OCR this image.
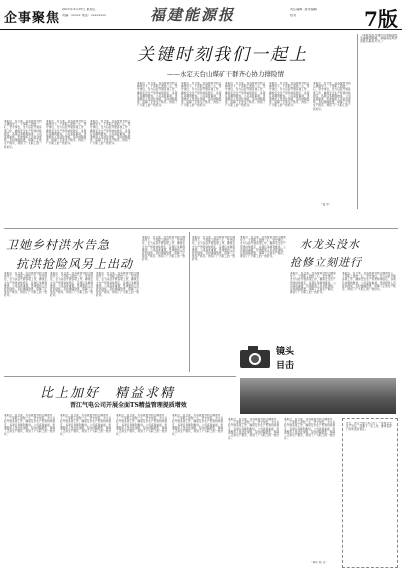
企事聚焦
2011年4月15日 星期五
责编：xxxxx 电话：xxxxxxxx	福建能源报	责任编辑 ·美术编辑
校对	7版
本报讯　连日来，在各级领导的正确领导下，干部职工团结一心，坚守岗位，全力以赴开展各项工作，确保安全生产形势持续稳定，各项任务顺利推进。公司高度重视，迅速组织人员赶赴现场，及时排除隐患，保障了正常生产秩序，得到了广大职工的一致好评。
本报讯　连日来，在各级领导的正确领导下，干部职工团结一心，坚守岗位，全力以赴开展各项工作，确保安全生产形势持续稳定，各项任务顺利推进。公司高度重视，迅速组织人员赶赴现场，及时排除隐患，保障了正常生产秩序，得到了广大职工的一致好评。
本报讯　连日来，在各级领导的正确领导下，干部职工团结一心，坚守岗位，全力以赴开展各项工作，确保安全生产形势持续稳定，各项任务顺利推进。公司高度重视，迅速组织人员赶赴现场，及时排除隐患，保障了正常生产秩序，得到了广大职工的一致好评。
关键时刻我们一起上
——永定天台山煤矿干群齐心协力排险情
本报讯　连日来，在各级领导的正确领导下，干部职工团结一心，坚守岗位，全力以赴开展各项工作，确保安全生产形势持续稳定，各项任务顺利推进。公司高度重视，迅速组织人员赶赴现场，及时排除隐患，保障了正常生产秩序，得到了广大职工的一致好评。
本报讯　连日来，在各级领导的正确领导下，干部职工团结一心，坚守岗位，全力以赴开展各项工作，确保安全生产形势持续稳定，各项任务顺利推进。公司高度重视，迅速组织人员赶赴现场，及时排除隐患，保障了正常生产秩序，得到了广大职工的一致好评。
本报讯　连日来，在各级领导的正确领导下，干部职工团结一心，坚守岗位，全力以赴开展各项工作，确保安全生产形势持续稳定，各项任务顺利推进。公司高度重视，迅速组织人员赶赴现场，及时排除隐患，保障了正常生产秩序，得到了广大职工的一致好评。
本报讯　连日来，在各级领导的正确领导下，干部职工团结一心，坚守岗位，全力以赴开展各项工作，确保安全生产形势持续稳定，各项任务顺利推进。公司高度重视，迅速组织人员赶赴现场，及时排除隐患，保障了正常生产秩序，得到了广大职工的一致好评。
本报讯　连日来，在各级领导的正确领导下，干部职工团结一心，坚守岗位，全力以赴开展各项工作，确保安全生产形势持续稳定，各项任务顺利推进。公司高度重视，迅速组织人员赶赴现场，及时排除隐患，保障了正常生产秩序，得到了广大职工的一致好评。
（温 华）
（本版信息与通讯员来稿请发至编辑部邮箱，来稿请注明作者姓名联系方式。）
卫她乡村洪水告急
抗洪抢险风另上出动
本报讯　连日来，在各级领导的正确领导下，干部职工团结一心，坚守岗位，全力以赴开展各项工作，确保安全生产形势持续稳定，各项任务顺利推进。公司高度重视，迅速组织人员赶赴现场，及时排除隐患，保障了正常生产秩序，得到了广大职工的一致好评。
本报讯　连日来，在各级领导的正确领导下，干部职工团结一心，坚守岗位，全力以赴开展各项工作，确保安全生产形势持续稳定，各项任务顺利推进。公司高度重视，迅速组织人员赶赴现场，及时排除隐患，保障了正常生产秩序，得到了广大职工的一致好评。
本报讯　连日来，在各级领导的正确领导下，干部职工团结一心，坚守岗位，全力以赴开展各项工作，确保安全生产形势持续稳定，各项任务顺利推进。公司高度重视，迅速组织人员赶赴现场，及时排除隐患，保障了正常生产秩序，得到了广大职工的一致好评。
本报讯　连日来，在各级领导的正确领导下，干部职工团结一心，坚守岗位，全力以赴开展各项工作，确保安全生产形势持续稳定，各项任务顺利推进。公司高度重视，迅速组织人员赶赴现场，及时排除隐患，保障了正常生产秩序，得到了广大职工的一致好评。
本报讯　连日来，在各级领导的正确领导下，干部职工团结一心，坚守岗位，全力以赴开展各项工作，确保安全生产形势持续稳定，各项任务顺利推进。公司高度重视，迅速组织人员赶赴现场，及时排除隐患，保障了正常生产秩序，得到了广大职工的一致好评。
水龙头没水
抢修立刻进行
本报讯　连日来，在各级领导的正确领导下，干部职工团结一心，坚守岗位，全力以赴开展各项工作，确保安全生产形势持续稳定，各项任务顺利推进。公司高度重视，迅速组织人员赶赴现场，及时排除隐患，保障了正常生产秩序，得到了广大职工的一致好评。
本报讯　连日来，在各级领导的正确领导下，干部职工团结一心，坚守岗位，全力以赴开展各项工作，确保安全生产形势持续稳定，各项任务顺利推进。公司高度重视，迅速组织人员赶赴现场，及时排除隐患，保障了正常生产秩序，得到了广大职工的一致好评。
本报讯　连日来，在各级领导的正确领导下，干部职工团结一心，坚守岗位，全力以赴开展各项工作，确保安全生产形势持续稳定，各项任务顺利推进。公司高度重视，迅速组织人员赶赴现场，及时排除隐患，保障了正常生产秩序，得到了广大职工的一致好评。
镜头
目击
比上加好　精益求精
晋江气电公司开展全面TS精益管理提质增效
本报讯　连日来，在各级领导的正确领导下，干部职工团结一心，坚守岗位，全力以赴开展各项工作，确保安全生产形势持续稳定，各项任务顺利推进。公司高度重视，迅速组织人员赶赴现场，及时排除隐患，保障了正常生产秩序，得到了广大职工的一致好评。
本报讯　连日来，在各级领导的正确领导下，干部职工团结一心，坚守岗位，全力以赴开展各项工作，确保安全生产形势持续稳定，各项任务顺利推进。公司高度重视，迅速组织人员赶赴现场，及时排除隐患，保障了正常生产秩序，得到了广大职工的一致好评。
本报讯　连日来，在各级领导的正确领导下，干部职工团结一心，坚守岗位，全力以赴开展各项工作，确保安全生产形势持续稳定，各项任务顺利推进。公司高度重视，迅速组织人员赶赴现场，及时排除隐患，保障了正常生产秩序，得到了广大职工的一致好评。
本报讯　连日来，在各级领导的正确领导下，干部职工团结一心，坚守岗位，全力以赴开展各项工作，确保安全生产形势持续稳定，各项任务顺利推进。公司高度重视，迅速组织人员赶赴现场，及时排除隐患，保障了正常生产秩序，得到了广大职工的一致好评。
本报讯　连日来，在各级领导的正确领导下，干部职工团结一心，坚守岗位，全力以赴开展各项工作，确保安全生产形势持续稳定，各项任务顺利推进。公司高度重视，迅速组织人员赶赴现场，及时排除隐患，保障了正常生产秩序，得到了广大职工的一致好评。
本报讯　连日来，在各级领导的正确领导下，干部职工团结一心，坚守岗位，全力以赴开展各项工作，确保安全生产形势持续稳定，各项任务顺利推进。公司高度重视，迅速组织人员赶赴现场，及时排除隐患，保障了正常生产秩序，得到了广大职工的一致好评。
（林小 杨 文）
近日，晋江气电公司召开了一季度安全生产会议，部署下一步工作，要求各部门切实落实责任。
